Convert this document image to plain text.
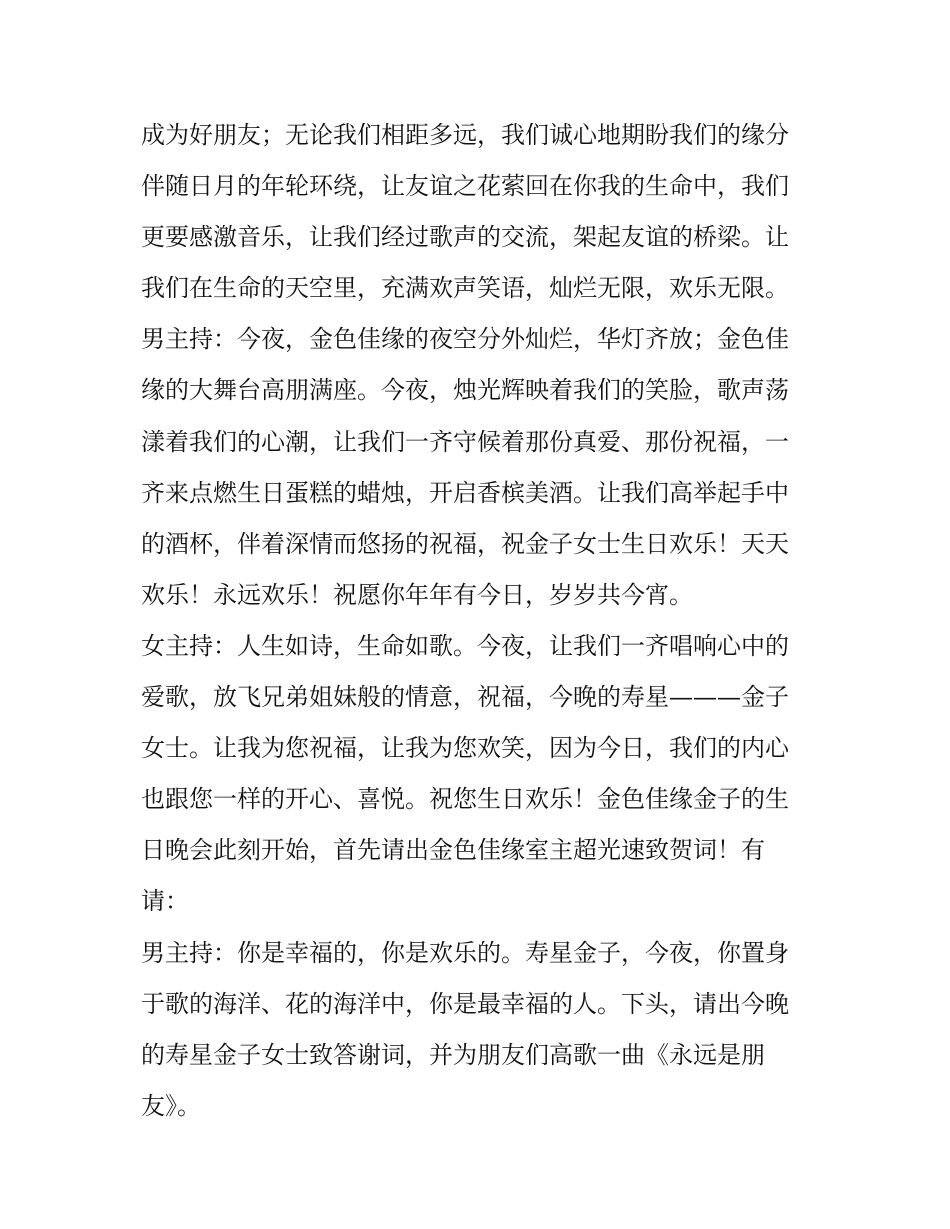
成为好朋友；无论我们相距多远，我们诚心地期盼我们的缘分
伴随日月的年轮环绕，让友谊之花萦回在你我的生命中，我们
更要感激音乐，让我们经过歌声的交流，架起友谊的桥梁。让
我们在生命的天空里，充满欢声笑语，灿烂无限，欢乐无限。
男主持：今夜，金色佳缘的夜空分外灿烂，华灯齐放；金色佳
缘的大舞台高朋满座。今夜，烛光辉映着我们的笑脸，歌声荡
漾着我们的心潮，让我们一齐守候着那份真爱、那份祝福，一
齐来点燃生日蛋糕的蜡烛，开启香槟美酒。让我们高举起手中
的酒杯，伴着深情而悠扬的祝福，祝金子女士生日欢乐！天天
欢乐！永远欢乐！祝愿你年年有今日，岁岁共今宵。
女主持：人生如诗，生命如歌。今夜，让我们一齐唱响心中的
爱歌，放飞兄弟姐妹般的情意，祝福，今晚的寿星———金子
女士。让我为您祝福，让我为您欢笑，因为今日，我们的内心
也跟您一样的开心、喜悦。祝您生日欢乐！金色佳缘金子的生
日晚会此刻开始，首先请出金色佳缘室主超光速致贺词！有
请：
男主持：你是幸福的，你是欢乐的。寿星金子，今夜，你置身
于歌的海洋、花的海洋中，你是最幸福的人。下头，请出今晚
的寿星金子女士致答谢词，并为朋友们高歌一曲《永远是朋
友》。
